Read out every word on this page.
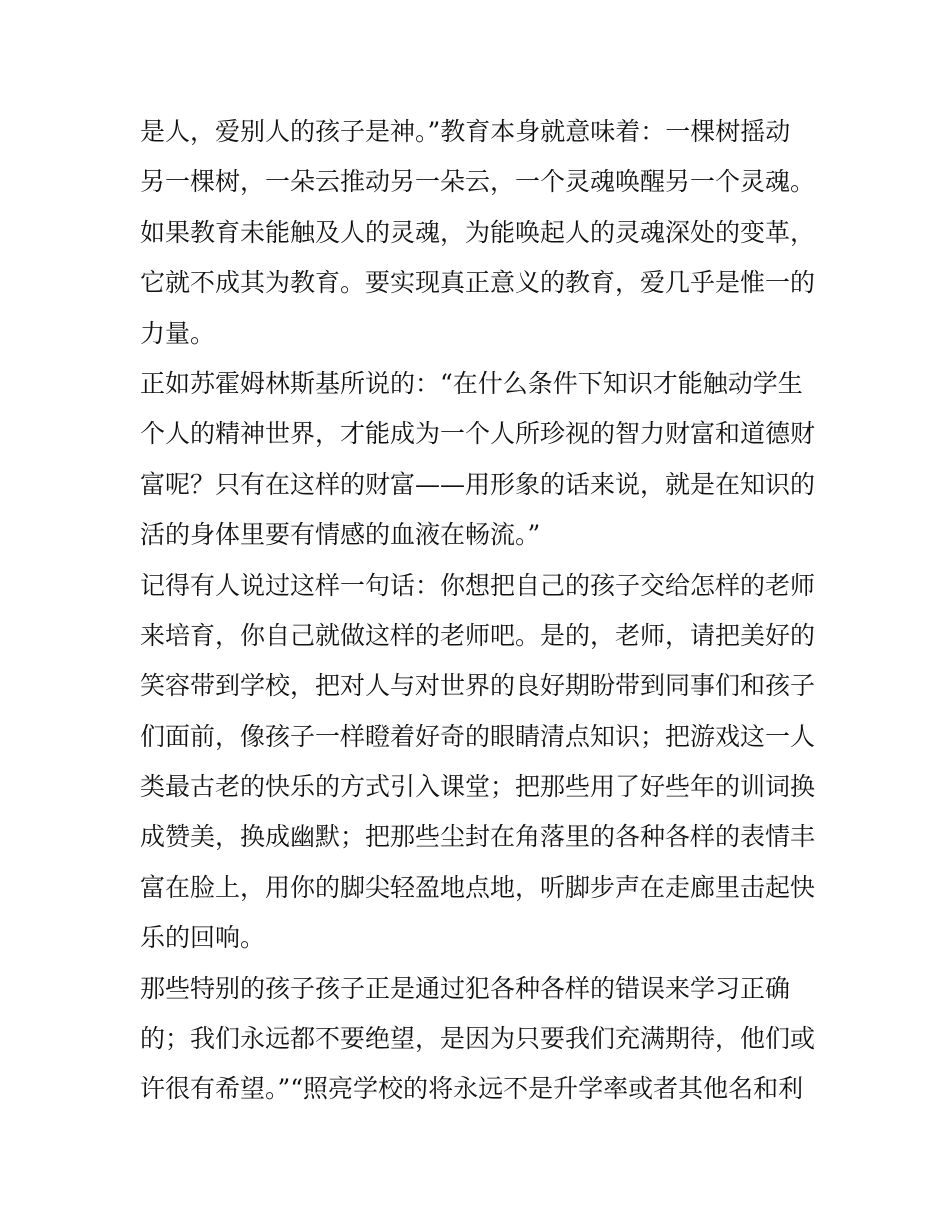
是人，爱别人的孩子是神。”教育本身就意味着：一棵树摇动
另一棵树，一朵云推动另一朵云，一个灵魂唤醒另一个灵魂。
如果教育未能触及人的灵魂，为能唤起人的灵魂深处的变革，
它就不成其为教育。要实现真正意义的教育，爱几乎是惟一的
力量。
正如苏霍姆林斯基所说的：“在什么条件下知识才能触动学生
个人的精神世界，才能成为一个人所珍视的智力财富和道德财
富呢？只有在这样的财富——用形象的话来说，就是在知识的
活的身体里要有情感的血液在畅流。”
记得有人说过这样一句话：你想把自己的孩子交给怎样的老师
来培育，你自己就做这样的老师吧。是的，老师，请把美好的
笑容带到学校，把对人与对世界的良好期盼带到同事们和孩子
们面前，像孩子一样瞪着好奇的眼睛清点知识；把游戏这一人
类最古老的快乐的方式引入课堂；把那些用了好些年的训词换
成赞美，换成幽默；把那些尘封在角落里的各种各样的表情丰
富在脸上，用你的脚尖轻盈地点地，听脚步声在走廊里击起快
乐的回响。
那些特别的孩子孩子正是通过犯各种各样的错误来学习正确
的；我们永远都不要绝望，是因为只要我们充满期待，他们或
许很有希望。”“照亮学校的将永远不是升学率或者其他名和利
